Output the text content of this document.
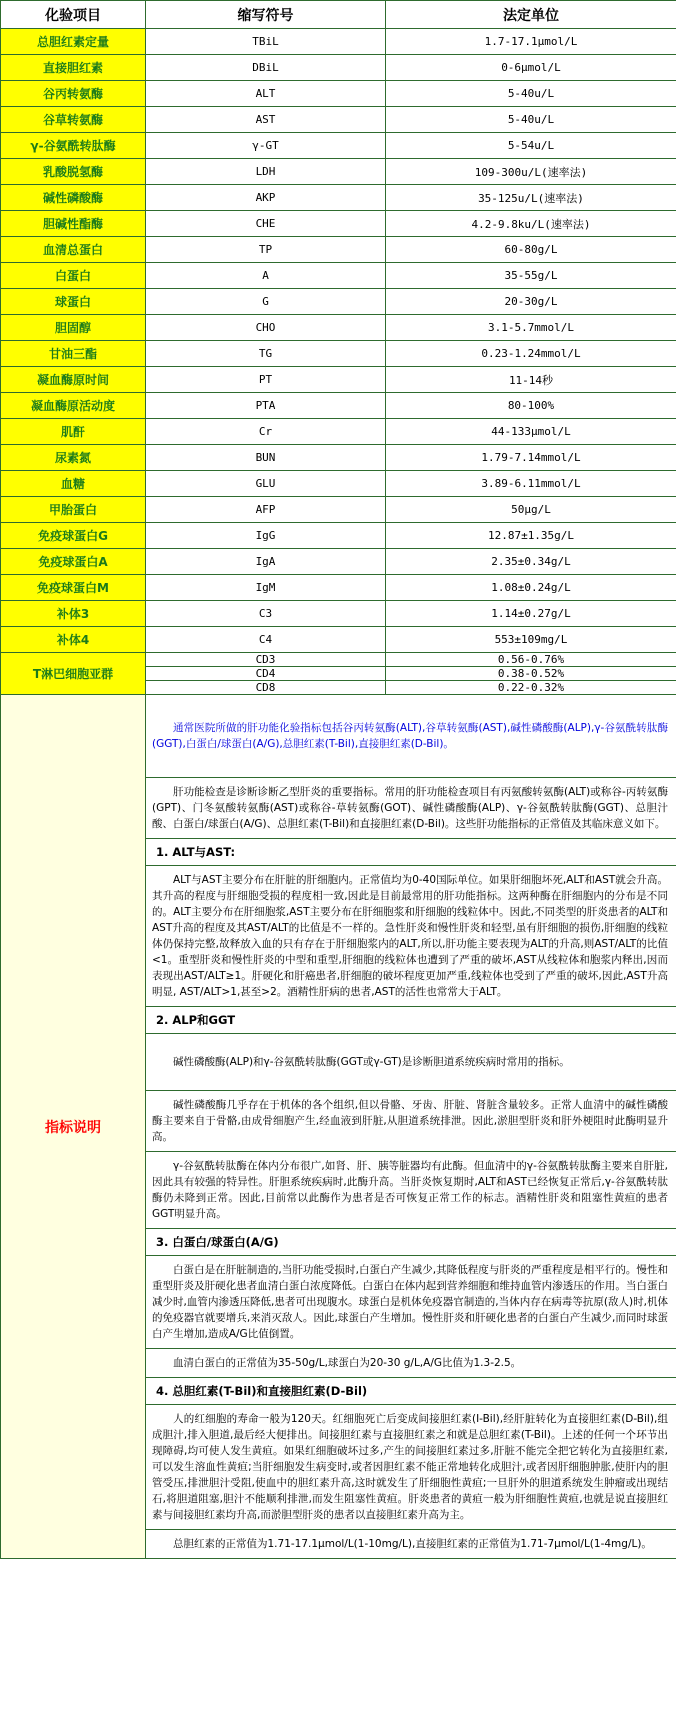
化验项目	缩写符号	法定单位
总胆红素定量	TBiL	1.7-17.1μmol/L
直接胆红素	DBiL	0-6μmol/L
谷丙转氨酶	ALT	5-40u/L
谷草转氨酶	AST	5-40u/L
γ-谷氨酰转肽酶	γ-GT	5-54u/L
乳酸脱氢酶	LDH	109-300u/L(速率法)
碱性磷酸酶	AKP	35-125u/L(速率法)
胆碱性酯酶	CHE	4.2-9.8ku/L(速率法)
血清总蛋白	TP	60-80g/L
白蛋白	A	35-55g/L
球蛋白	G	20-30g/L
胆固醇	CHO	3.1-5.7mmol/L
甘油三酯	TG	0.23-1.24mmol/L
凝血酶原时间	PT	11-14秒
凝血酶原活动度	PTA	80-100%
肌酐	Cr	44-133μmol/L
尿素氮	BUN	1.79-7.14mmol/L
血糖	GLU	3.89-6.11mmol/L
甲胎蛋白	AFP	50μg/L
免疫球蛋白G	IgG	12.87±1.35g/L
免疫球蛋白A	IgA	2.35±0.34g/L
免疫球蛋白M	IgM	1.08±0.24g/L
补体3	C3	1.14±0.27g/L
补体4	C4	553±109mg/L
T淋巴细胞亚群	CD3	0.56-0.76%
	CD4	0.38-0.52%
	CD8	0.22-0.32%
指标说明	通常医院所做的肝功能化验指标包括谷丙转氨酶(ALT),谷草转氨酶(AST),碱性磷酸酶(ALP),γ-谷氨酰转肽酶(GGT),白蛋白/球蛋白(A/G),总胆红素(T-Bil),直接胆红素(D-Bil)。	
	肝功能检查是诊断诊断乙型肝炎的重要指标。常用的肝功能检查项目有丙氨酸转氨酶(ALT)或称谷-丙转氨酶(GPT)、门冬氨酸转氨酶(AST)或称谷-草转氨酶(GOT)、碱性磷酸酶(ALP)、γ-谷氨酰转肽酶(GGT)、总胆汁酸、白蛋白/球蛋白(A/G)、总胆红素(T-Bil)和直接胆红素(D-Bil)。这些肝功能指标的正常值及其临床意义如下。	
	1. ALT与AST:	
	ALT与AST主要分布在肝脏的肝细胞内。正常值均为0-40国际单位。如果肝细胞坏死,ALT和AST就会升高。其升高的程度与肝细胞受损的程度相一致,因此是目前最常用的肝功能指标。这两种酶在肝细胞内的分布是不同的。ALT主要分布在肝细胞浆,AST主要分布在肝细胞浆和肝细胞的线粒体中。因此,不同类型的肝炎患者的ALT和AST升高的程度及其AST/ALT的比值是不一样的。急性肝炎和慢性肝炎和轻型,虽有肝细胞的损伤,肝细胞的线粒体仍保持完整,故释放入血的只有存在于肝细胞浆内的ALT,所以,肝功能主要表现为ALT的升高,则AST/ALT的比值<1。重型肝炎和慢性肝炎的中型和重型,肝细胞的线粒体也遭到了严重的破坏,AST从线粒体和胞浆内释出,因而表现出AST/ALT≥1。肝硬化和肝癌患者,肝细胞的破坏程度更加严重,线粒体也受到了严重的破坏,因此,AST升高明显, AST/ALT>1,甚至>2。酒精性肝病的患者,AST的活性也常常大于ALT。	
	2. ALP和GGT	
	碱性磷酸酶(ALP)和γ-谷氨酰转肽酶(GGT或γ-GT)是诊断胆道系统疾病时常用的指标。	
	碱性磷酸酶几乎存在于机体的各个组织,但以骨骼、牙齿、肝脏、肾脏含量较多。正常人血清中的碱性磷酸酶主要来自于骨骼,由成骨细胞产生,经血液到肝脏,从胆道系统排泄。因此,淤胆型肝炎和肝外梗阻时此酶明显升高。	
	γ-谷氨酰转肽酶在体内分布很广,如肾、肝、胰等脏器均有此酶。但血清中的γ-谷氨酰转肽酶主要来自肝脏,因此具有较强的特异性。肝胆系统疾病时,此酶升高。当肝炎恢复期时,ALT和AST已经恢复正常后,γ-谷氨酰转肽酶仍未降到正常。因此,目前常以此酶作为患者是否可恢复正常工作的标志。酒精性肝炎和阻塞性黄疸的患者GGT明显升高。	
	3. 白蛋白/球蛋白(A/G)	
	白蛋白是在肝脏制造的,当肝功能受损时,白蛋白产生减少,其降低程度与肝炎的严重程度是相平行的。慢性和重型肝炎及肝硬化患者血清白蛋白浓度降低。白蛋白在体内起到营养细胞和维持血管内渗透压的作用。当白蛋白减少时,血管内渗透压降低,患者可出现腹水。球蛋白是机体免疫器官制造的,当体内存在病毒等抗原(敌人)时,机体的免疫器官就要增兵,来消灭敌人。因此,球蛋白产生增加。慢性肝炎和肝硬化患者的白蛋白产生减少,而同时球蛋白产生增加,造成A/G比值倒置。	
	血清白蛋白的正常值为35-50g/L,球蛋白为20-30 g/L,A/G比值为1.3-2.5。	
	4. 总胆红素(T-Bil)和直接胆红素(D-Bil)	
	人的红细胞的寿命一般为120天。红细胞死亡后变成间接胆红素(I-Bil),经肝脏转化为直接胆红素(D-Bil),组成胆汁,排入胆道,最后经大便排出。间接胆红素与直接胆红素之和就是总胆红素(T-Bil)。上述的任何一个环节出现障碍,均可使人发生黄疸。如果红细胞破坏过多,产生的间接胆红素过多,肝脏不能完全把它转化为直接胆红素,可以发生溶血性黄疸;当肝细胞发生病变时,或者因胆红素不能正常地转化成胆汁,或者因肝细胞肿胀,使肝内的胆管受压,排泄胆汁受阻,使血中的胆红素升高,这时就发生了肝细胞性黄疸;一旦肝外的胆道系统发生肿瘤或出现结石,将胆道阻塞,胆汁不能顺利排泄,而发生阻塞性黄疸。肝炎患者的黄疸一般为肝细胞性黄疸,也就是说直接胆红素与间接胆红素均升高,而淤胆型肝炎的患者以直接胆红素升高为主。	
	总胆红素的正常值为1.71-17.1μmol/L(1-10mg/L),直接胆红素的正常值为1.71-7μmol/L(1-4mg/L)。	
